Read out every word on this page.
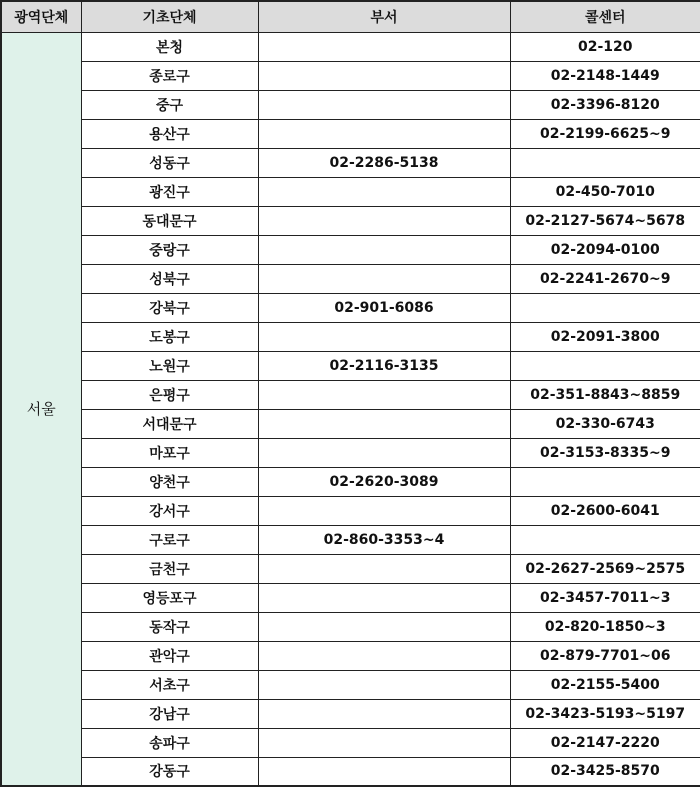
광역단체	기초단체	부서	콜센터
서울	본청		02-120
	종로구		02-2148-1449
	중구		02-3396-8120
	용산구		02-2199-6625~9
	성동구	02-2286-5138	
	광진구		02-450-7010
	동대문구		02-2127-5674~5678
	중랑구		02-2094-0100
	성북구		02-2241-2670~9
	강북구	02-901-6086	
	도봉구		02-2091-3800
	노원구	02-2116-3135	
	은평구		02-351-8843~8859
	서대문구		02-330-6743
	마포구		02-3153-8335~9
	양천구	02-2620-3089	
	강서구		02-2600-6041
	구로구	02-860-3353~4	
	금천구		02-2627-2569~2575
	영등포구		02-3457-7011~3
	동작구		02-820-1850~3
	관악구		02-879-7701~06
	서초구		02-2155-5400
	강남구		02-3423-5193~5197
	송파구		02-2147-2220
	강동구		02-3425-8570
